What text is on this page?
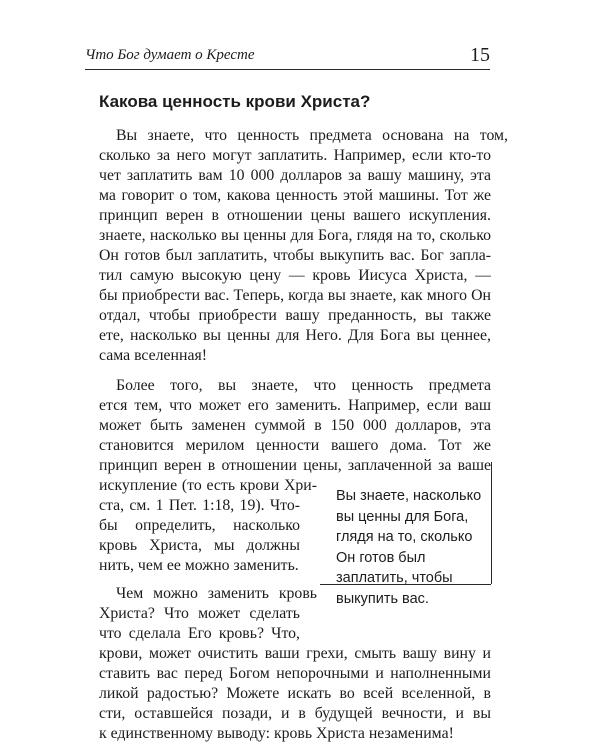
Что Бог думает о Кресте	15
Какова ценность крови Христа?
Вы знаете, что ценность предмета основана на том,
сколько за него могут заплатить. Например, если кто-то
чет заплатить вам 10 000 долларов за вашу машину, эта
ма говорит о том, какова ценность этой машины. Тот же
принцип верен в отношении цены вашего искупления.
знаете, насколько вы ценны для Бога, глядя на то, сколько
Он готов был заплатить, чтобы выкупить вас. Бог запла-
тил самую высокую цену — кровь Иисуса Христа, —
бы приобрести вас. Теперь, когда вы знаете, как много Он
отдал, чтобы приобрести вашу преданность, вы также
ете, насколько вы ценны для Него. Для Бога вы ценнее,
сама вселенная!
Более того, вы знаете, что ценность предмета
ется тем, что может его заменить. Например, если ваш
может быть заменен суммой в 150 000 долларов, эта
становится мерилом ценности вашего дома. Тот же
принцип верен в отношении цены, заплаченной за ваше
искупление (то есть крови Хри-
ста, см. 1 Пет. 1:18, 19). Что-
бы определить, насколько
кровь Христа, мы должны
нить, чем ее можно заменить.
Чем можно заменить кровь
Христа? Что может сделать
что сделала Его кровь? Что,
крови, может очистить ваши грехи, смыть вашу вину и
ставить вас перед Богом непорочными и наполненными
ликой радостью? Можете искать во всей вселенной, в
сти, оставшейся позади, и в будущей вечности, и вы
к единственному выводу: кровь Христа незаменима!
Вы знаете, насколько
вы ценны для Бога,
глядя на то, сколько
Он готов был
заплатить, чтобы
выкупить вас.
